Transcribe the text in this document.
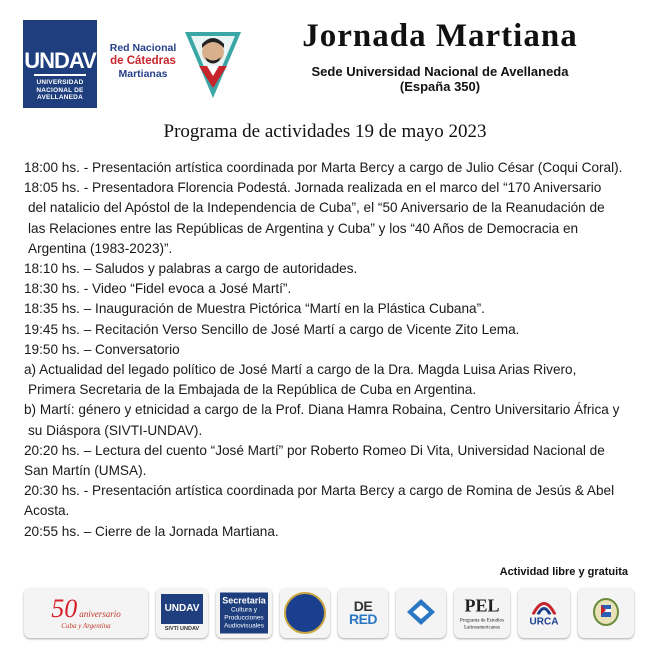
UNDAV
UNIVERSIDAD
NACIONAL DE
AVELLANEDA
Red Nacional
de Cátedras
Martianas
Jornada Martiana
Sede Universidad Nacional de Avellaneda
(España 350)
Programa de actividades 19 de mayo 2023
18:00 hs. - Presentación artística coordinada por Marta Bercy a cargo de Julio César (Coqui Coral).
18:05 hs. - Presentadora Florencia Podestá. Jornada realizada en el marco del “170 Aniversario
del natalicio del Apóstol de la Independencia de Cuba”, el “50 Aniversario de la Reanudación de
las Relaciones entre las Repúblicas de Argentina y Cuba” y los “40 Años de Democracia en
Argentina (1983-2023)”.
18:10 hs. – Saludos y palabras a cargo de autoridades.
18:30 hs. - Video “Fidel evoca a José Martí”.
18:35 hs. – Inauguración de Muestra Pictórica “Martí en la Plástica Cubana”.
19:45 hs. – Recitación Verso Sencillo de José Martí a cargo de Vicente Zito Lema.
19:50 hs. – Conversatorio
a) Actualidad del legado político de José Martí a cargo de la Dra. Magda Luisa Arias Rivero,
Primera Secretaria de la Embajada de la República de Cuba en Argentina.
b) Martí: género y etnicidad a cargo de la Prof. Diana Hamra Robaina, Centro Universitario África y
su Diáspora (SIVTI-UNDAV).
20:20 hs. – Lectura del cuento “José Martí” por Roberto Romeo Di Vita, Universidad Nacional de
San Martín (UMSA).
20:30 hs. - Presentación artística coordinada por Marta Bercy a cargo de Romina de Jesús & Abel
Acosta.
20:55 hs. – Cierre de la Jornada Martiana.
Actividad libre y gratuita
50 aniversario
Cuba y Argentina
UNDAV
SIVTI UNDAV
Secretaría
Cultura y Producciones Audiovisuales
DE
RED
PEL Programa de Estudios Latinoamericanos
URCA
